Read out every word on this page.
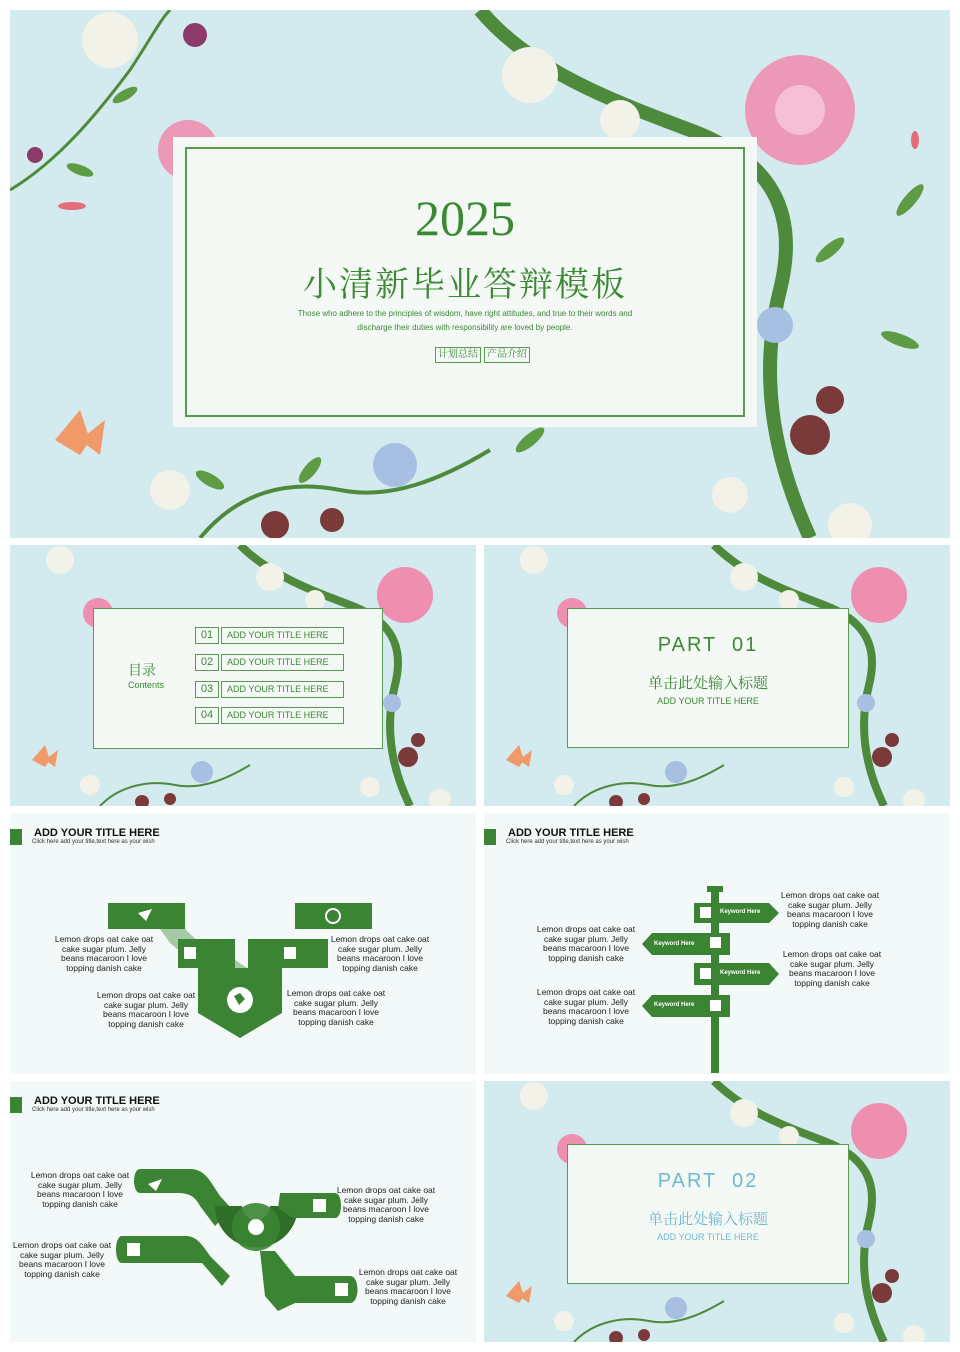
2025
小清新毕业答辩模板
Those who adhere to the principles of wisdom, have right attitudes, and true to their words and
discharge their duties with responsibility are loved by people.
计划总结 产品介绍
目录
Contents
01	ADD YOUR TITLE HERE
02	ADD YOUR TITLE HERE
03	ADD YOUR TITLE HERE
04	ADD YOUR TITLE HERE
PART  01
单击此处输入标题
ADD YOUR TITLE HERE
ADD YOUR TITLE HERE
Click here add your title,text here as your wish
Lemon drops oat cake oat cake sugar plum. Jelly beans macaroon I love topping danish cake
Lemon drops oat cake oat cake sugar plum. Jelly beans macaroon I love topping danish cake
Lemon drops oat cake oat cake sugar plum. Jelly beans macaroon I love topping danish cake
Lemon drops oat cake oat cake sugar plum. Jelly beans macaroon I love topping danish cake
ADD YOUR TITLE HERE
Click here add your title,text here as your wish
Keyword Here
Keyword Here
Keyword Here
Keyword Here
Lemon drops oat cake oat cake sugar plum. Jelly beans macaroon I love topping danish cake
Lemon drops oat cake oat cake sugar plum. Jelly beans macaroon I love topping danish cake	Lemon drops oat cake oat cake sugar plum. Jelly beans macaroon I love topping danish cake
Lemon drops oat cake oat cake sugar plum. Jelly beans macaroon I love topping danish cake
ADD YOUR TITLE HERE
Click here add your title,text here as your wish
Lemon drops oat cake oat cake sugar plum. Jelly beans macaroon I love topping danish cake
Lemon drops oat cake oat cake sugar plum. Jelly beans macaroon I love topping danish cake
Lemon drops oat cake oat cake sugar plum. Jelly beans macaroon I love topping danish cake	Lemon drops oat cake oat cake sugar plum. Jelly beans macaroon I love topping danish cake
PART  02
单击此处输入标题
ADD YOUR TITLE HERE
